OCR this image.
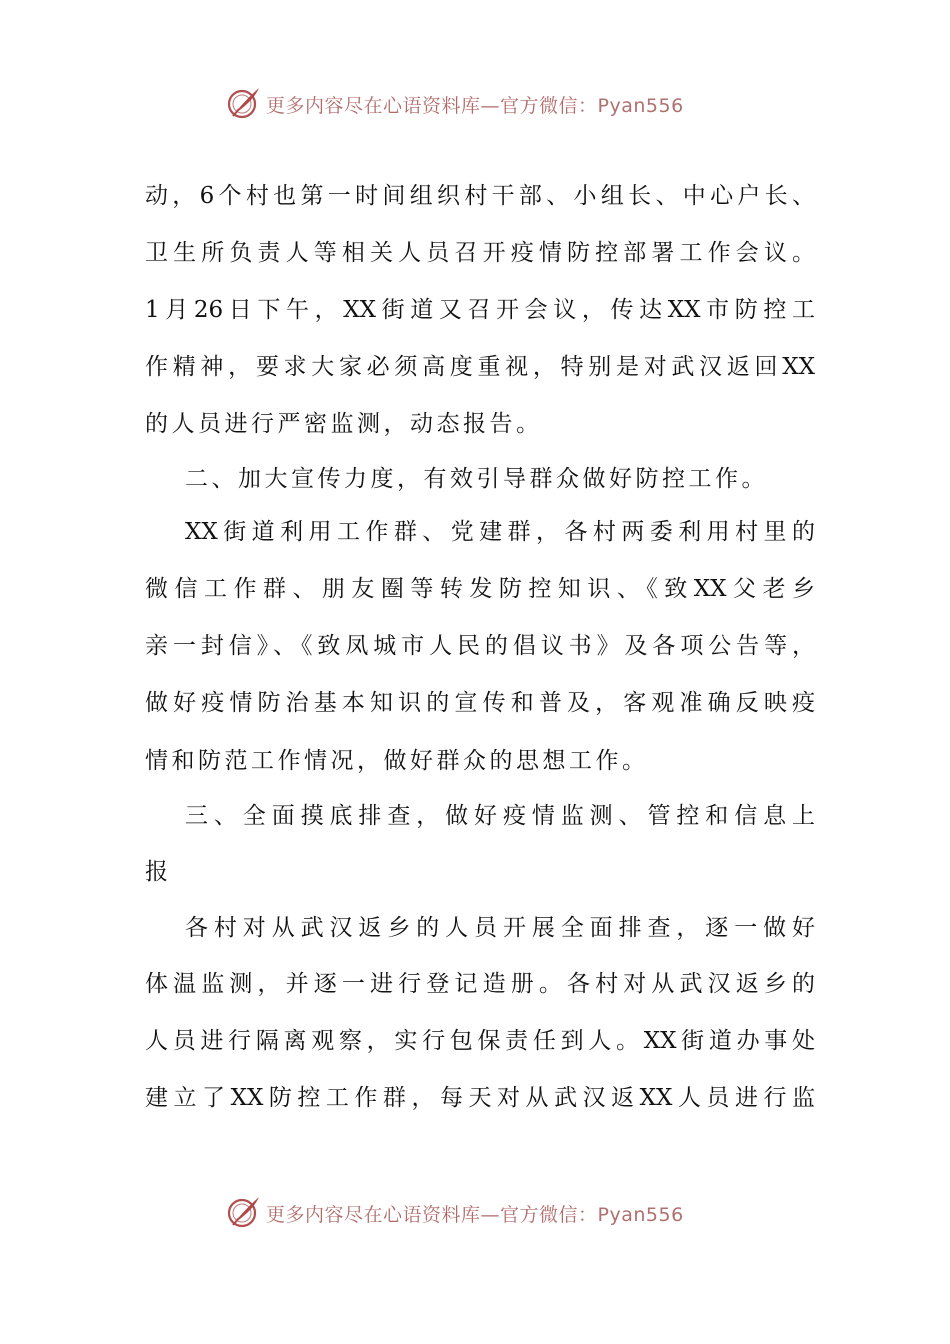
更多内容尽在心语资料库—官方微信：Pyan556
动，6个村也第一时间组织村干部、小组长、中心户长、
卫生所负责人等相关人员召开疫情防控部署工作会议。
1月26日下午，XX街道又召开会议，传达XX市防控工
作精神，要求大家必须高度重视，特别是对武汉返回XX
的人员进行严密监测，动态报告。
二、加大宣传力度，有效引导群众做好防控工作。
XX街道利用工作群、党建群，各村两委利用村里的
微信工作群、朋友圈等转发防控知识、《致XX父老乡
亲一封信》、《致凤城市人民的倡议书》及各项公告等，
做好疫情防治基本知识的宣传和普及，客观准确反映疫
情和防范工作情况，做好群众的思想工作。
三、全面摸底排查，做好疫情监测、管控和信息上
报
各村对从武汉返乡的人员开展全面排查，逐一做好
体温监测，并逐一进行登记造册。各村对从武汉返乡的
人员进行隔离观察，实行包保责任到人。XX街道办事处
建立了XX防控工作群，每天对从武汉返XX人员进行监
更多内容尽在心语资料库—官方微信：Pyan556
